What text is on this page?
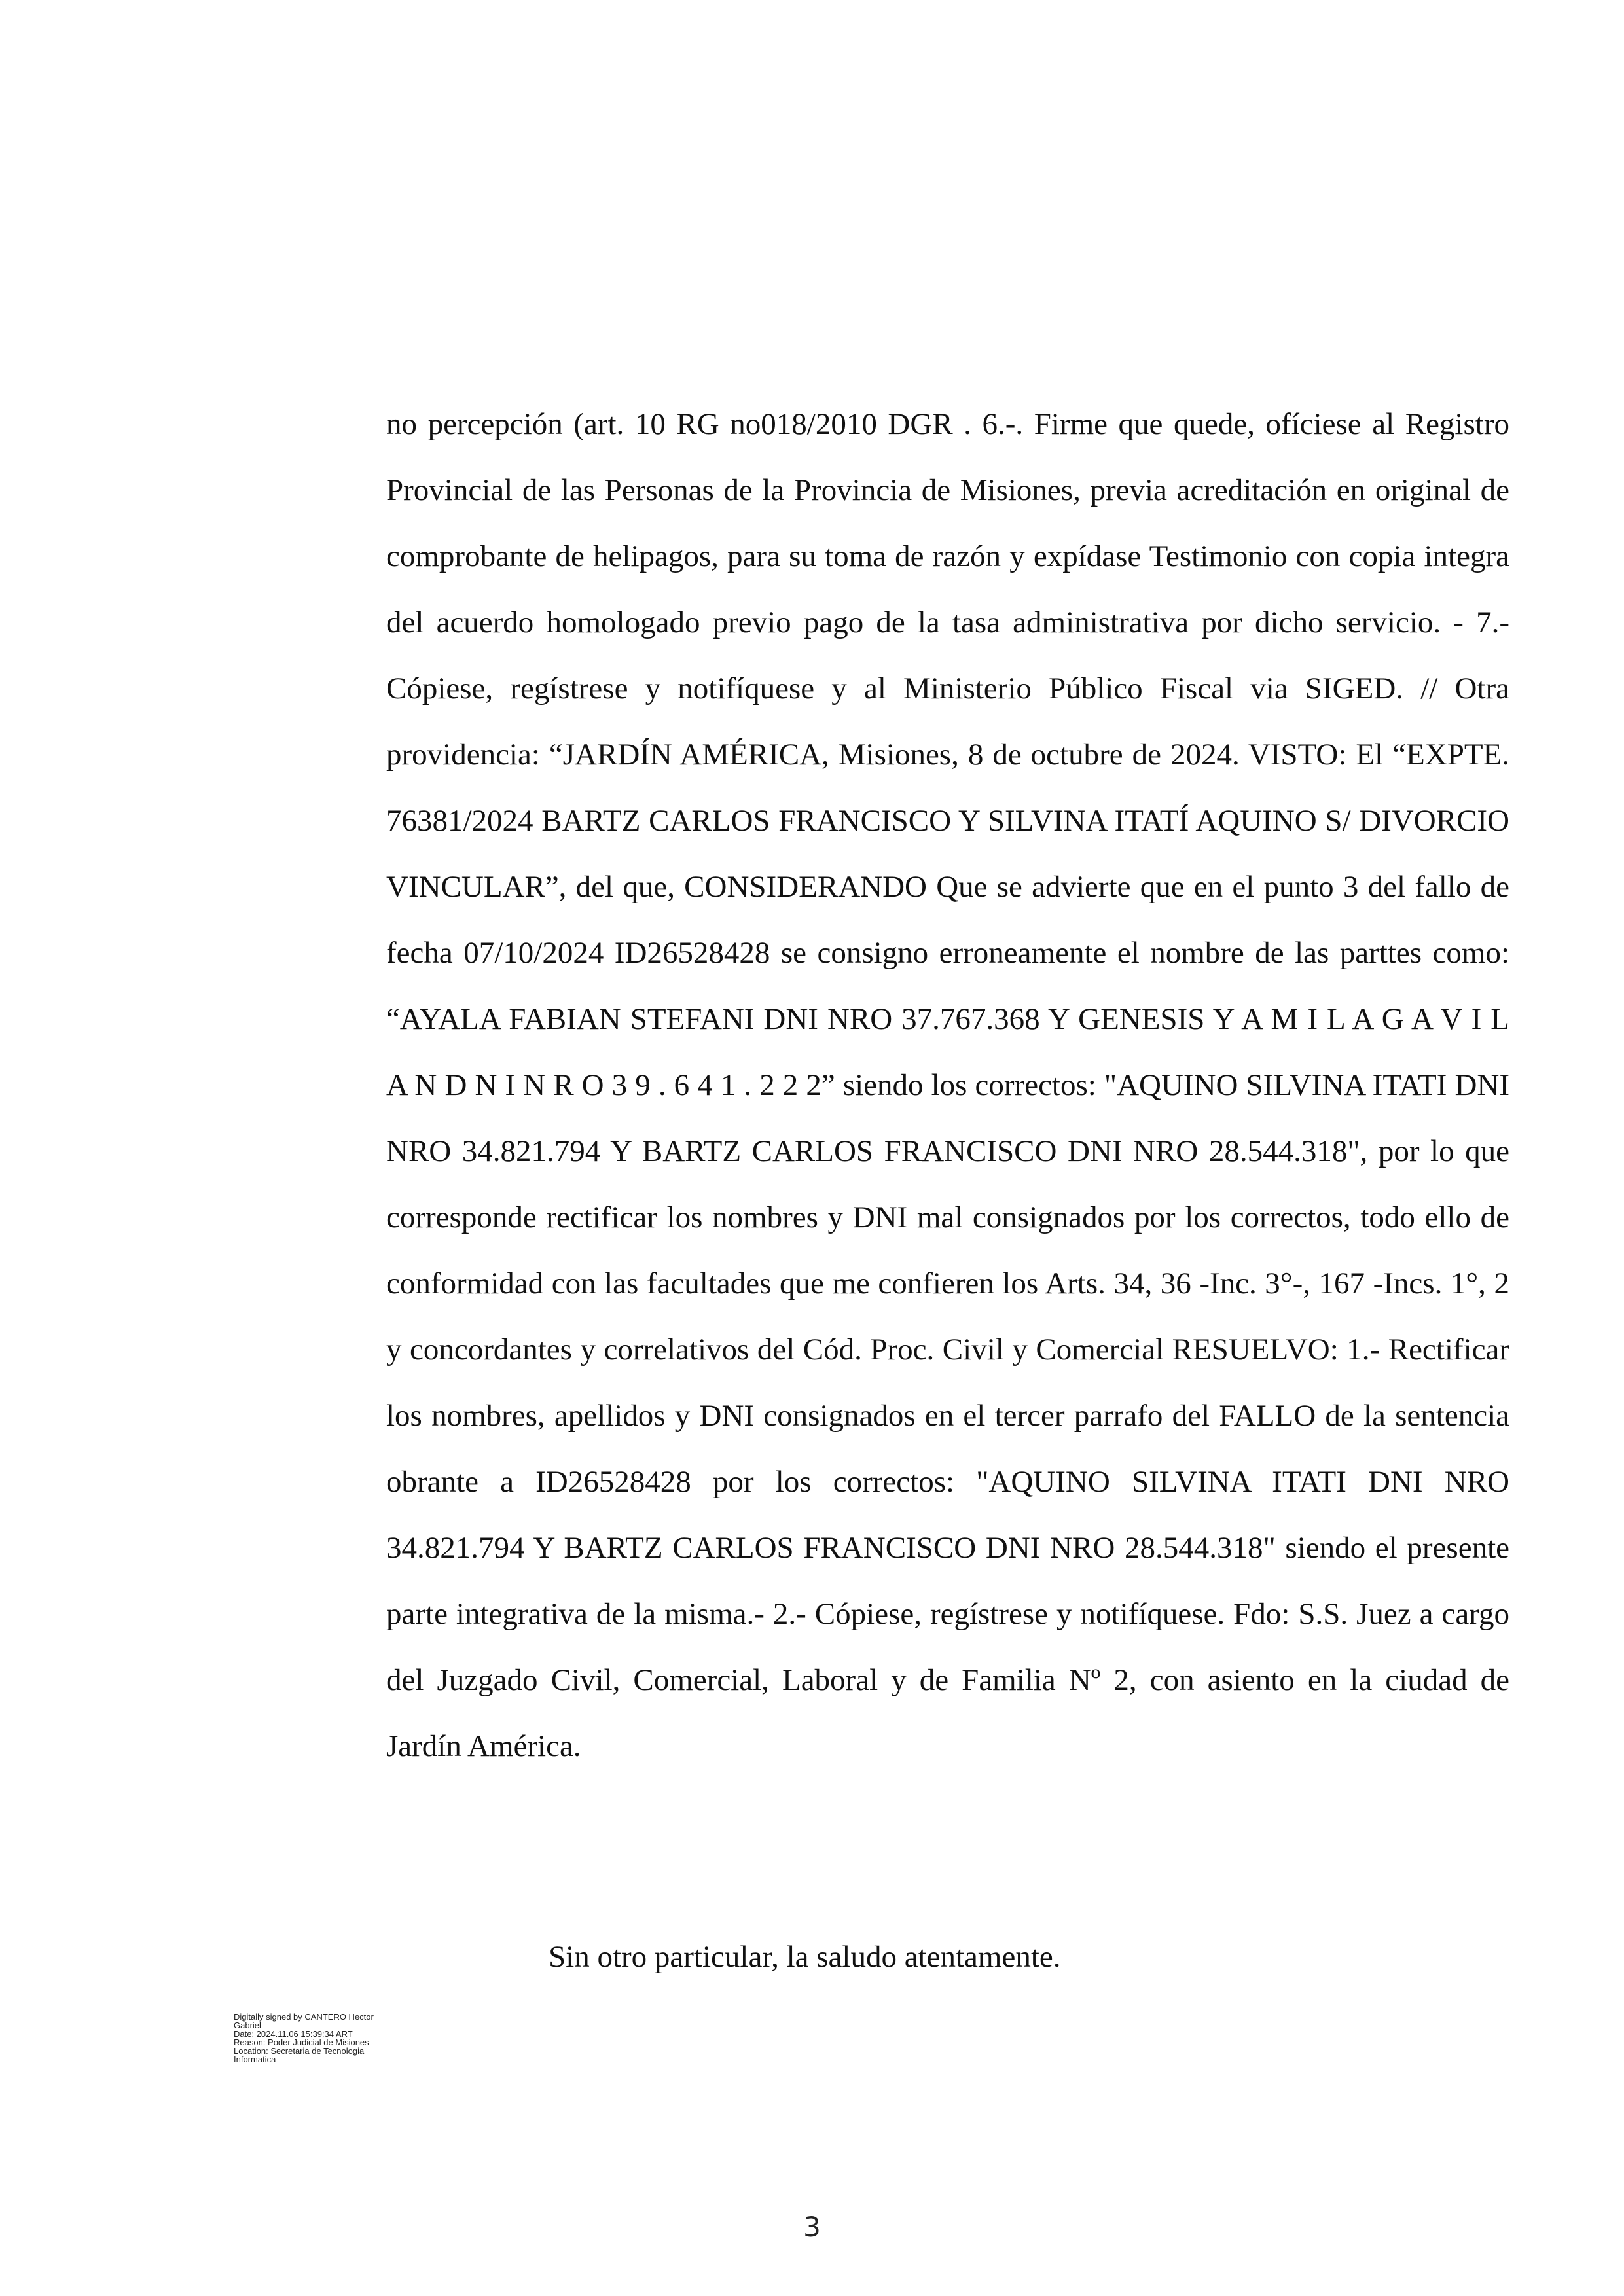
no percepción (art. 10 RG no018/2010 DGR . 6.-. Firme que quede, ofíciese al Registro Provincial de las Personas de la Provincia de Misiones, previa acreditación en original de comprobante de helipagos, para su toma de razón y expídase Testimonio con copia integra del acuerdo homologado previo pago de la tasa administrativa por dicho servicio. - 7.- Cópiese, regístrese y notifíquese y al Ministerio Público Fiscal via SIGED. // Otra providencia: “JARDÍN AMÉRICA, Misiones, 8 de octubre de 2024. VISTO: El “EXPTE. 76381/2024 BARTZ CARLOS FRANCISCO Y SILVINA ITATÍ AQUINO S/ DIVORCIO VINCULAR”, del que, CONSIDERANDO Que se advierte que en el punto 3 del fallo de fecha 07/10/2024 ID26528428 se consigno erroneamente el nombre de las parttes como: “AYALA FABIAN STEFANI DNI NRO 37.767.368 Y GENESIS Y A M I L A G A V I L A N D N I N R O 3 9 . 6 4 1 . 2 2 2” siendo los correctos: "AQUINO SILVINA ITATI DNI NRO 34.821.794 Y BARTZ CARLOS FRANCISCO DNI NRO 28.544.318", por lo que corresponde rectificar los nombres y DNI mal consignados por los correctos, todo ello de conformidad con las facultades que me confieren los Arts. 34, 36 -Inc. 3°-, 167 -Incs. 1°, 2 y concordantes y correlativos del Cód. Proc. Civil y Comercial RESUELVO: 1.- Rectificar los nombres, apellidos y DNI consignados en el tercer parrafo del FALLO de la sentencia obrante a ID26528428 por los correctos: "AQUINO SILVINA ITATI DNI NRO 34.821.794 Y BARTZ CARLOS FRANCISCO DNI NRO 28.544.318" siendo el presente parte integrativa de la misma.- 2.- Cópiese, regístrese y notifíquese. Fdo: S.S. Juez a cargo del Juzgado Civil, Comercial, Laboral y de Familia Nº 2, con asiento en la ciudad de Jardín América.

Sin otro particular, la saludo atentamente.

Digitally signed by CANTERO Hector
Gabriel
Date: 2024.11.06 15:39:34 ART
Reason: Poder Judicial de Misiones
Location: Secretaria de Tecnologia
Informatica
3
